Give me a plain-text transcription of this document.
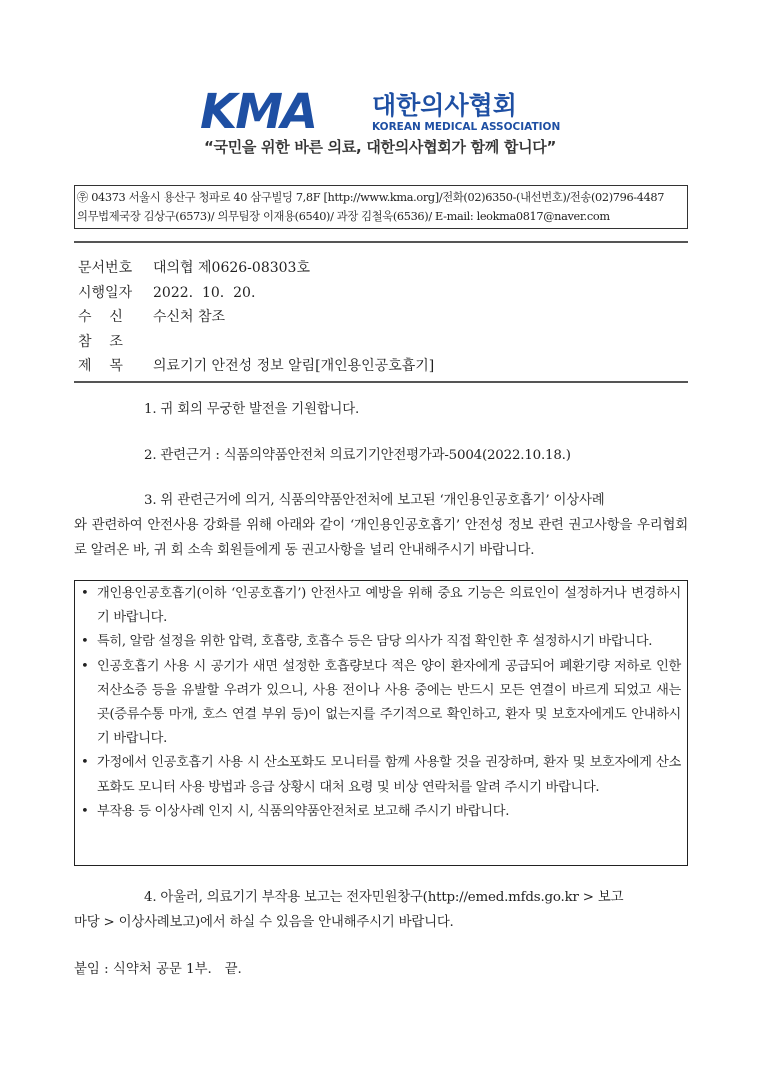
KMA 대한의사협회
KOREAN MEDICAL ASSOCIATION
“국민을 위한 바른 의료, 대한의사협회가 함께 합니다”
㉾ 04373 서울시 용산구 청파로 40 삼구빌딩 7,8F [http://www.kma.org]/전화(02)6350-(내선번호)/전송(02)796-4487
의무법제국장 김상구(6573)/ 의무팀장 이재용(6540)/ 과장 김철욱(6536)/ E-mail: leokma0817@naver.com
문서번호 대의협 제0626-08303호
시행일자 2022.  10.  20.
수    신 수신처 참조
참    조
제    목 의료기기 안전성 정보 알림[개인용인공호흡기]
1. 귀 회의 무궁한 발전을 기원합니다.
2. 관련근거 : 식품의약품안전처 의료기기안전평가과-5004(2022.10.18.)
3. 위 관련근거에 의거, 식품의약품안전처에 보고된 ‘개인용인공호흡기’ 이상사례
와 관련하여 안전사용 강화를 위해 아래와 같이 ‘개인용인공호흡기’ 안전성 정보 관련 권고사항을 우리협회로 알려온 바, 귀 회 소속 회원들에게 동 권고사항을 널리 안내해주시기 바랍니다.
• 개인용인공호흡기(이하 ‘인공호흡기’) 안전사고 예방을 위해 중요 기능은 의료인이 설정하거나 변경하시기 바랍니다.
• 특히, 알람 설정을 위한 압력, 호흡량, 호흡수 등은 담당 의사가 직접 확인한 후 설정하시기 바랍니다.
• 인공호흡기 사용 시 공기가 새면 설정한 호흡량보다 적은 양이 환자에게 공급되어 폐환기량 저하로 인한 저산소증 등을 유발할 우려가 있으니, 사용 전이나 사용 중에는 반드시 모든 연결이 바르게 되었고 새는 곳(증류수통 마개, 호스 연결 부위 등)이 없는지를 주기적으로 확인하고, 환자 및 보호자에게도 안내하시기 바랍니다.
• 가정에서 인공호흡기 사용 시 산소포화도 모니터를 함께 사용할 것을 권장하며, 환자 및 보호자에게 산소포화도 모니터 사용 방법과 응급 상황시 대처 요령 및 비상 연락처를 알려 주시기 바랍니다.
• 부작용 등 이상사례 인지 시, 식품의약품안전처로 보고해 주시기 바랍니다.
4. 아울러, 의료기기 부작용 보고는 전자민원창구(http://emed.mfds.go.kr > 보고
마당 > 이상사례보고)에서 하실 수 있음을 안내해주시기 바랍니다.
붙임 : 식약처 공문 1부.   끝.
